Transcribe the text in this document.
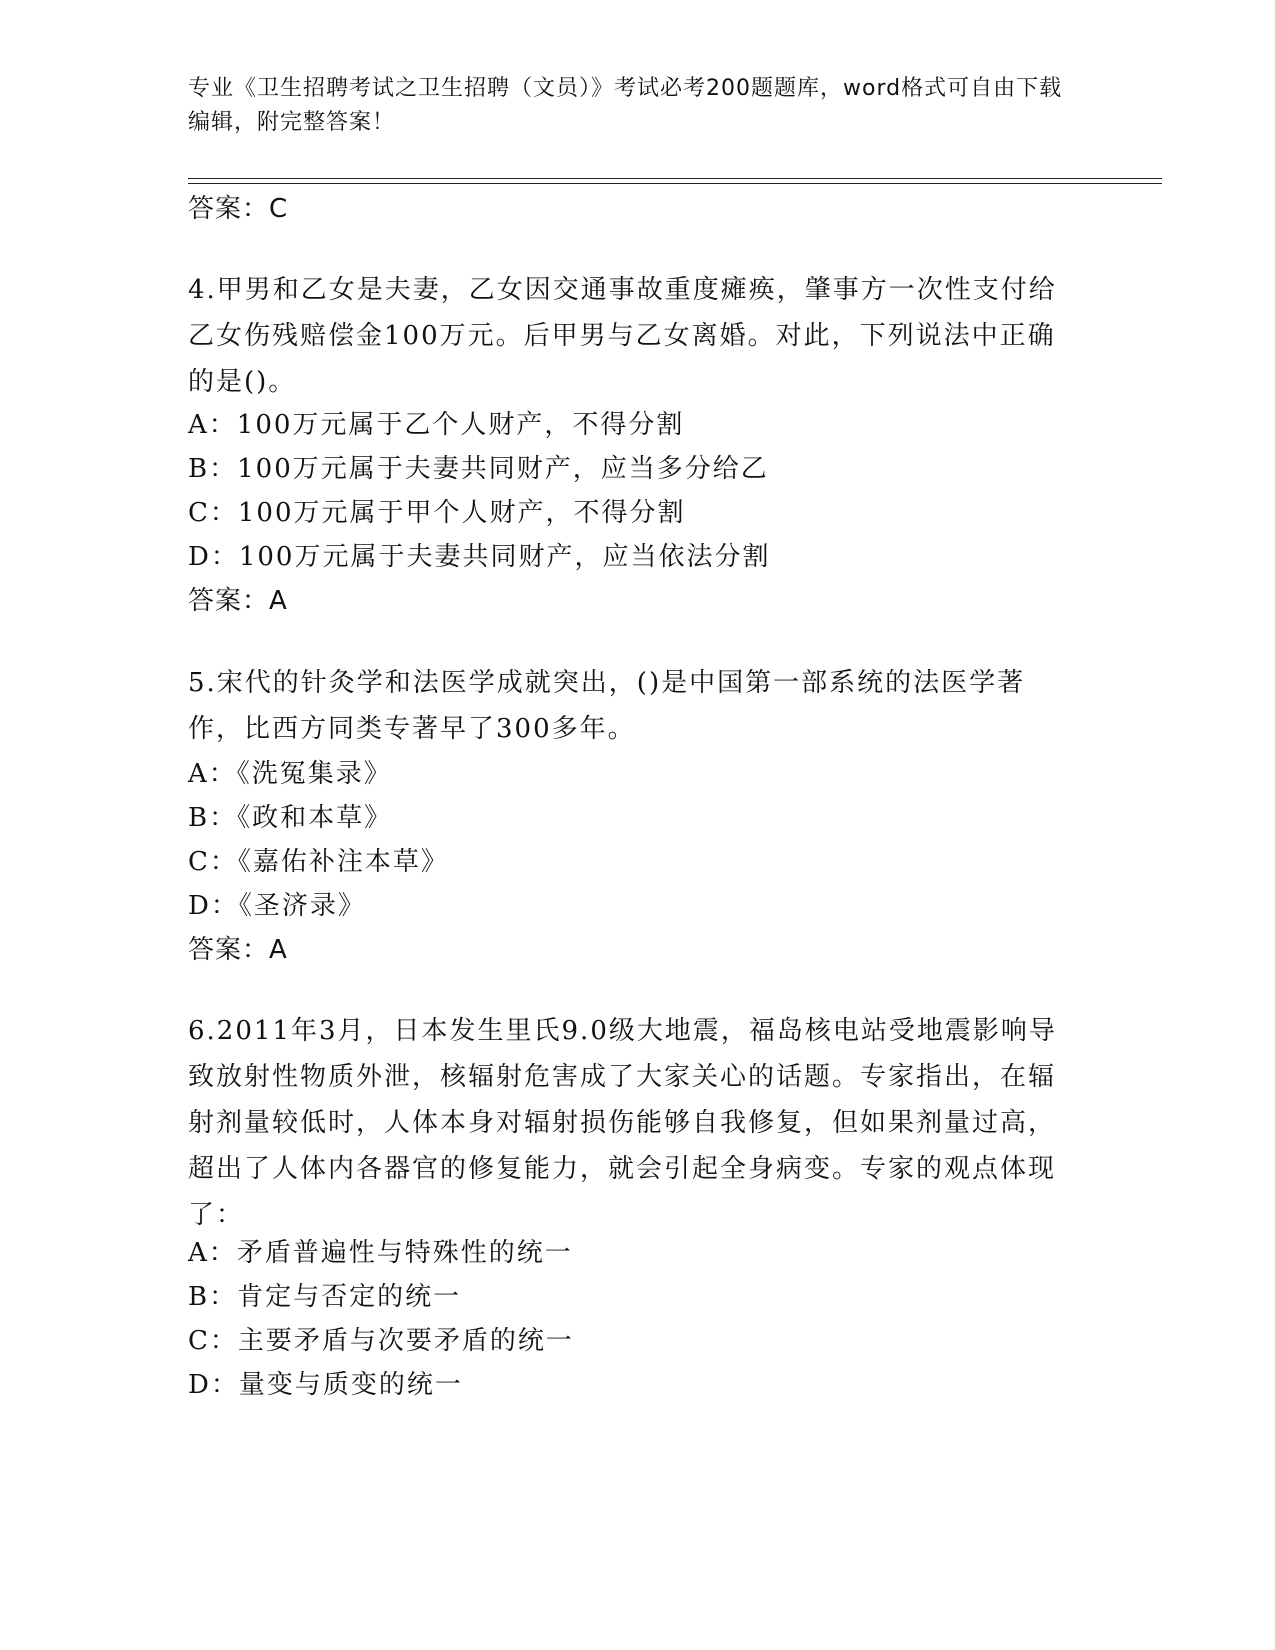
专业《卫生招聘考试之卫生招聘（文员）》考试必考200题题库，word格式可自由下载编辑，附完整答案！
答案：C
4.甲男和乙女是夫妻，乙女因交通事故重度瘫痪，肇事方一次性支付给乙女伤残赔偿金100万元。后甲男与乙女离婚。对此，下列说法中正确的是()。
A：100万元属于乙个人财产，不得分割
B：100万元属于夫妻共同财产，应当多分给乙
C：100万元属于甲个人财产，不得分割
D：100万元属于夫妻共同财产，应当依法分割
答案：A
5.宋代的针灸学和法医学成就突出，()是中国第一部系统的法医学著作，比西方同类专著早了300多年。
A：《洗冤集录》
B：《政和本草》
C：《嘉佑补注本草》
D：《圣济录》
答案：A
6.2011年3月，日本发生里氏9.0级大地震，福岛核电站受地震影响导致放射性物质外泄，核辐射危害成了大家关心的话题。专家指出，在辐射剂量较低时，人体本身对辐射损伤能够自我修复，但如果剂量过高，超出了人体内各器官的修复能力，就会引起全身病变。专家的观点体现了：
A：矛盾普遍性与特殊性的统一
B：肯定与否定的统一
C：主要矛盾与次要矛盾的统一
D：量变与质变的统一
